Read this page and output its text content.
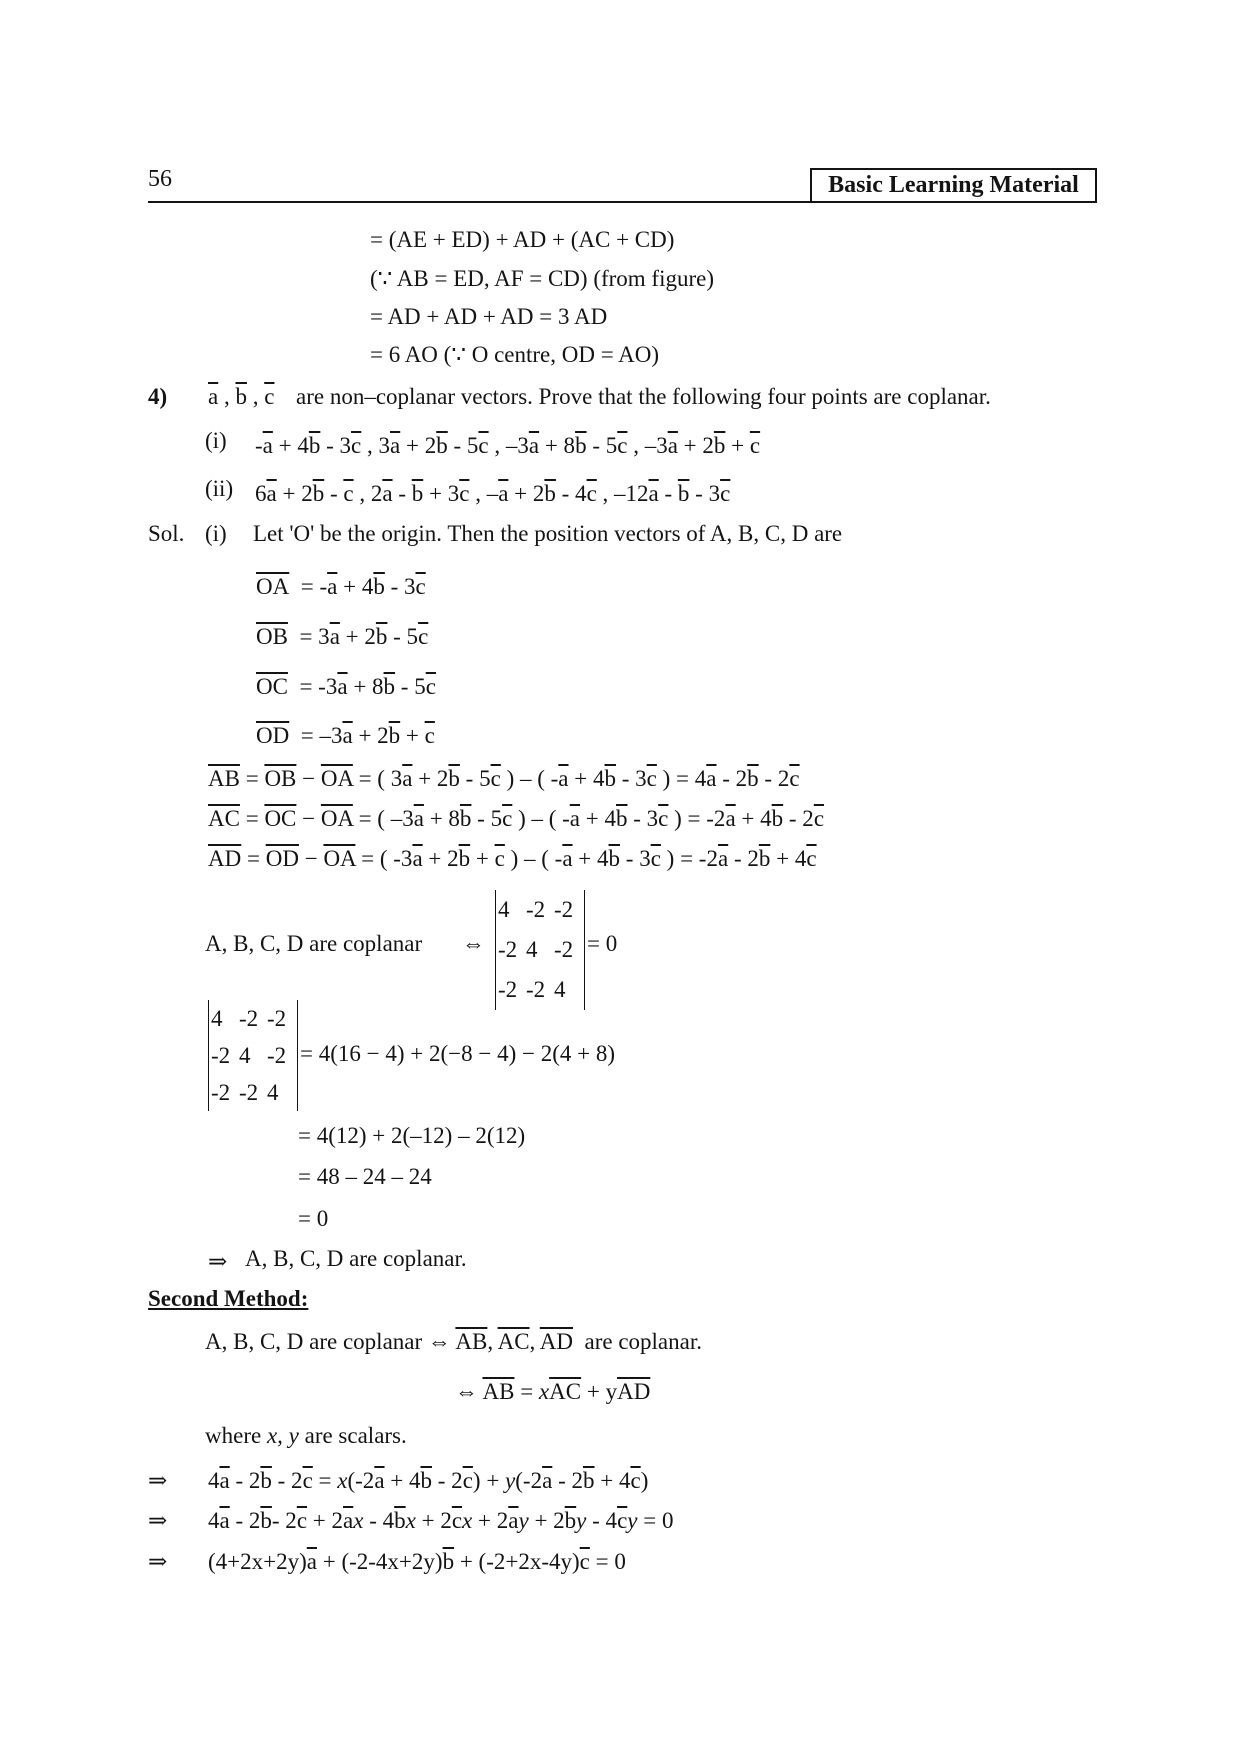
56	Basic Learning Material
= (AE + ED) + AD + (AC + CD)
(∵ AB = ED, AF = CD) (from figure)
= AD + AD + AD = 3 AD
= 6 AO (∵ O centre, OD = AO)
4) $\overline{a}$ , $\overline{b}$ , $\overline{c}$ are non–coplanar vectors. Prove that the following four points are coplanar.
(i) $-\overline{a} + 4\overline{b} - 3\overline{c}$ , $3\overline{a} + 2\overline{b} - 5\overline{c}$ , $-3\overline{a} + 8\overline{b} - 5\overline{c}$ , $-3\overline{a} + 2\overline{b} + \overline{c}$
(ii) $6\overline{a} + 2\overline{b} - \overline{c}$ , $2\overline{a} - \overline{b} + 3\overline{c}$ , $-\overline{a} + 2\overline{b} - 4\overline{c}$ , $-12\overline{a} - \overline{b} - 3\overline{c}$
Sol. (i) Let 'O' be the origin. Then the position vectors of A, B, C, D are
$\overline{OA} = -\overline{a} + 4\overline{b} - 3\overline{c}$
$\overline{OB} = 3\overline{a} + 2\overline{b} - 5\overline{c}$
$\overline{OC} = -3\overline{a} + 8\overline{b} - 5\overline{c}$
$\overline{OD} = -3\overline{a} + 2\overline{b} + \overline{c}$
$\overline{AB} = \overline{OB} - \overline{OA}$ = ( $3\overline{a} + 2\overline{b} - 5\overline{c}$ ) – ( $-\overline{a} + 4\overline{b} - 3\overline{c}$ ) = $4\overline{a} - 2\overline{b} - 2\overline{c}$
$\overline{AC} = \overline{OC} - \overline{OA}$ = ( $-3\overline{a} + 8\overline{b} - 5\overline{c}$ ) – ( $-\overline{a} + 4\overline{b} - 3\overline{c}$ ) = $-2\overline{a} + 4\overline{b} - 2\overline{c}$
$\overline{AD} = \overline{OD} - \overline{OA}$ = ( $-3\overline{a} + 2\overline{b} + \overline{c}$ ) – ( $-\overline{a} + 4\overline{b} - 3\overline{c}$ ) = $-2\overline{a} - 2\overline{b} + 4\overline{c}$
A, B, C, D are coplanar ⇔
4 -2 -2
-2 4 -2
-2 -2 4
= 0
4 -2 -2
-2 4 -2
-2 -2 4
= 4(16 − 4) + 2(−8 − 4) − 2(4 + 8)
= 4(12) + 2(–12) – 2(12)
= 48 – 24 – 24
= 0
⇒ A, B, C, D are coplanar.
Second Method:
A, B, C, D are coplanar ⇔ $\overline{AB}$, $\overline{AC}$, $\overline{AD}$ are coplanar.
⇔ $\overline{AB} = x\overline{AC} + y\overline{AD}$
where x, y are scalars.
⇒ $4\overline{a} - 2\overline{b} - 2\overline{c} = x(-2\overline{a} + 4\overline{b} - 2\overline{c}) + y(-2\overline{a} - 2\overline{b} + 4\overline{c})$
⇒ $4\overline{a} - 2\overline{b}-$ $2\overline{c} + 2\overline{a}x - 4\overline{b}x + 2\overline{c}x + 2\overline{a}y + 2\overline{b}y - 4\overline{c}y = 0$
⇒ $(4+2x+2y)\overline{a} + (-2-4x+2y)\overline{b} + (-2+2x-4y)\overline{c} = 0$
